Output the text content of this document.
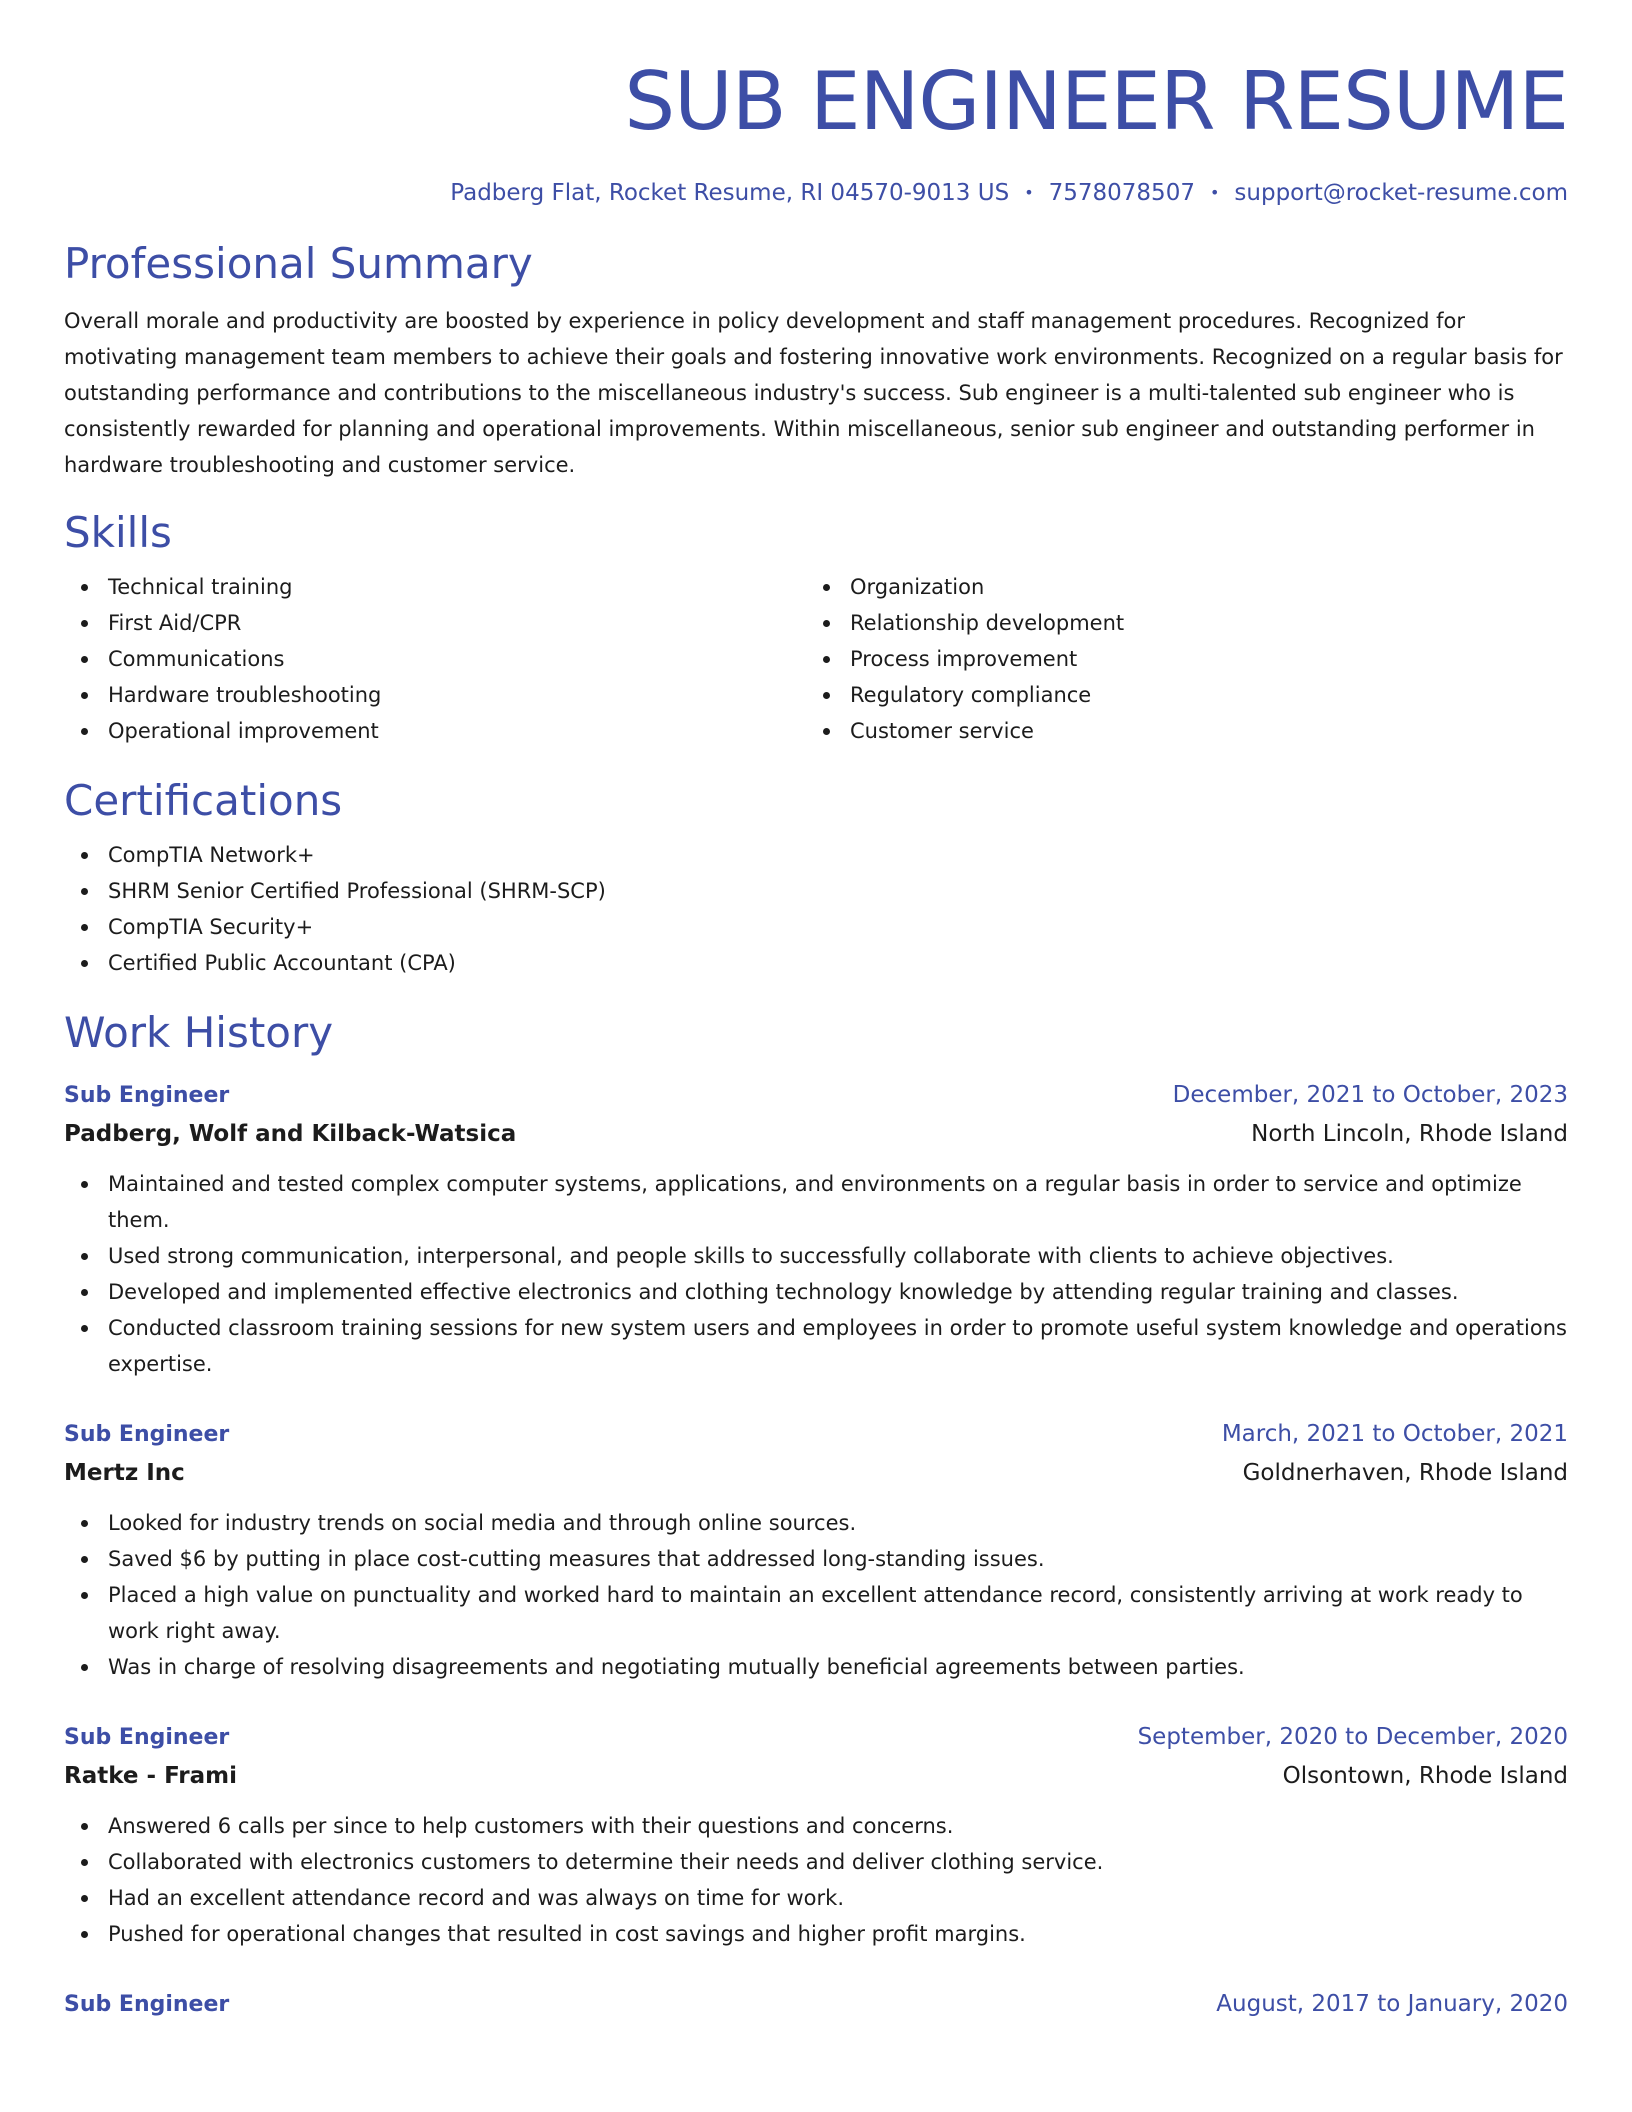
SUB ENGINEER RESUME
Padberg Flat, Rocket Resume, RI 04570-9013 US • 7578078507 • support@rocket-resume.com
Professional Summary

Overall morale and productivity are boosted by experience in policy development and staff management procedures. Recognized for motivating management team members to achieve their goals and fostering innovative work environments. Recognized on a regular basis for outstanding performance and contributions to the miscellaneous industry's success. Sub engineer is a multi-talented sub engineer who is consistently rewarded for planning and operational improvements. Within miscellaneous, senior sub engineer and outstanding performer in hardware troubleshooting and customer service.

Skills
Technical training
First Aid/CPR
Communications
Hardware troubleshooting
Operational improvement
Organization
Relationship development
Process improvement
Regulatory compliance
Customer service
Certifications
CompTIA Network+
SHRM Senior Certified Professional (SHRM-SCP)
CompTIA Security+
Certified Public Accountant (CPA)
Work History
Sub Engineer	December, 2021 to October, 2023
Padberg, Wolf and Kilback-Watsica	North Lincoln, Rhode Island
Maintained and tested complex computer systems, applications, and environments on a regular basis in order to service and optimize them.
Used strong communication, interpersonal, and people skills to successfully collaborate with clients to achieve objectives.
Developed and implemented effective electronics and clothing technology knowledge by attending regular training and classes.
Conducted classroom training sessions for new system users and employees in order to promote useful system knowledge and operations expertise.
Sub Engineer	March, 2021 to October, 2021
Mertz Inc	Goldnerhaven, Rhode Island
Looked for industry trends on social media and through online sources.
Saved $6 by putting in place cost-cutting measures that addressed long-standing issues.
Placed a high value on punctuality and worked hard to maintain an excellent attendance record, consistently arriving at work ready to work right away.
Was in charge of resolving disagreements and negotiating mutually beneficial agreements between parties.
Sub Engineer	September, 2020 to December, 2020
Ratke - Frami	Olsontown, Rhode Island
Answered 6 calls per since to help customers with their questions and concerns.
Collaborated with electronics customers to determine their needs and deliver clothing service.
Had an excellent attendance record and was always on time for work.
Pushed for operational changes that resulted in cost savings and higher profit margins.
Sub Engineer	August, 2017 to January, 2020
